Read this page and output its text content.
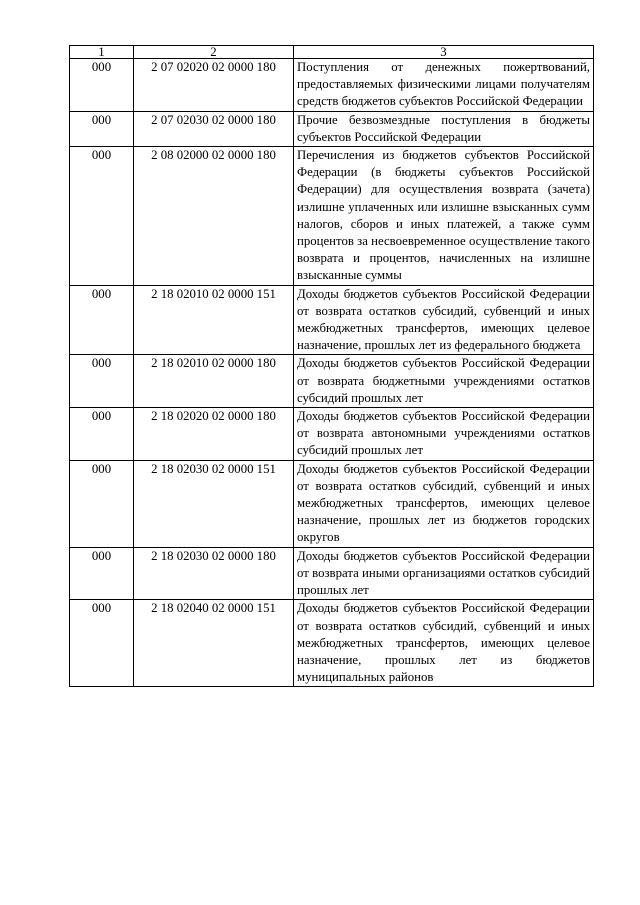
1	2	3
000	2 07 02020 02 0000 180	Поступления от денежных пожертвований, предоставляемых физическими лицами получателям средств бюджетов субъектов Российской Федерации
000	2 07 02030 02 0000 180	Прочие безвозмездные поступления в бюджеты субъектов Российской Федерации
000	2 08 02000 02 0000 180	Перечисления из бюджетов субъектов Российской Федерации (в бюджеты субъектов Российской Федерации) для осуществления возврата (зачета) излишне уплаченных или излишне взысканных сумм налогов, сборов и иных платежей, а также сумм процентов за несвоевременное осуществление такого возврата и процентов, начисленных на излишне взысканные суммы
000	2 18 02010 02 0000 151	Доходы бюджетов субъектов Российской Федерации от возврата остатков субсидий, субвенций и иных межбюджетных трансфертов, имеющих целевое назначение, прошлых лет из федерального бюджета
000	2 18 02010 02 0000 180	Доходы бюджетов субъектов Российской Федерации от возврата бюджетными учреждениями остатков субсидий прошлых лет
000	2 18 02020 02 0000 180	Доходы бюджетов субъектов Российской Федерации от возврата автономными учреждениями остатков субсидий прошлых лет
000	2 18 02030 02 0000 151	Доходы бюджетов субъектов Российской Федерации от возврата остатков субсидий, субвенций и иных межбюджетных трансфертов, имеющих целевое назначение, прошлых лет из бюджетов городских округов
000	2 18 02030 02 0000 180	Доходы бюджетов субъектов Российской Федерации от возврата иными организациями остатков субсидий прошлых лет
000	2 18 02040 02 0000 151	Доходы бюджетов субъектов Российской Федерации от возврата остатков субсидий, субвенций и иных межбюджетных трансфертов, имеющих целевое назначение, прошлых лет из бюджетов муниципальных районов
